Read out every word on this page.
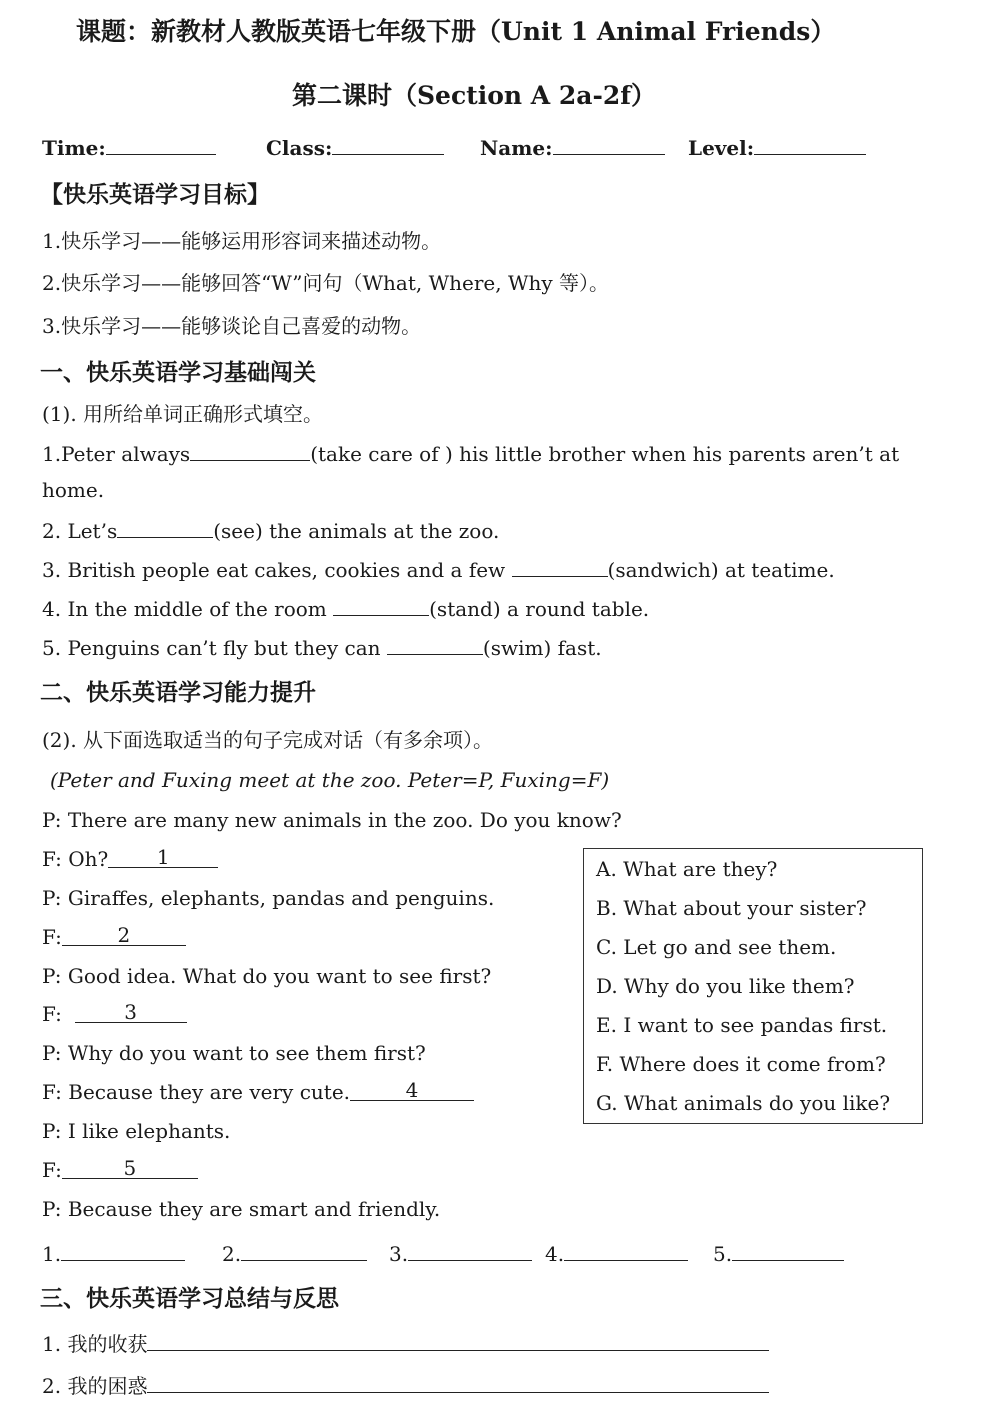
课题：新教材人教版英语七年级下册（Unit 1 Animal Friends）
第二课时（Section A 2a-2f）
Time:	Class:	Name:	Level:
【快乐英语学习目标】
1.快乐学习——能够运用形容词来描述动物。
2.快乐学习——能够回答“W”问句（What, Where, Why 等）。
3.快乐学习——能够谈论自己喜爱的动物。
一、快乐英语学习基础闯关
(1). 用所给单词正确形式填空。
1.Peter always	(take care of ) his little brother when his parents aren’t at
home.
2. Let’s	(see) the animals at the zoo.
3. British people eat cakes, cookies and a few	(sandwich) at teatime.
4. In the middle of the room	(stand) a round table.
5. Penguins can’t fly but they can	(swim) fast.
二、快乐英语学习能力提升
(2). 从下面选取适当的句子完成对话（有多余项）。
(Peter and Fuxing meet at the zoo. Peter=P, Fuxing=F)
P: There are many new animals in the zoo. Do you know?
F: Oh? 1
P: Giraffes, elephants, pandas and penguins.
F:	2
P: Good idea. What do you want to see first?
F:	3
P: Why do you want to see them first?
F: Because they are very cute.	4
P: I like elephants.
F:	5
P: Because they are smart and friendly.
A. What are they?
B. What about your sister?
C. Let go and see them.
D. Why do you like them?
E. I want to see pandas first.
F. Where does it come from?
G. What animals do you like?
1.	2.	3.	4.	5.
三、快乐英语学习总结与反思
1. 我的收获
2. 我的困惑
